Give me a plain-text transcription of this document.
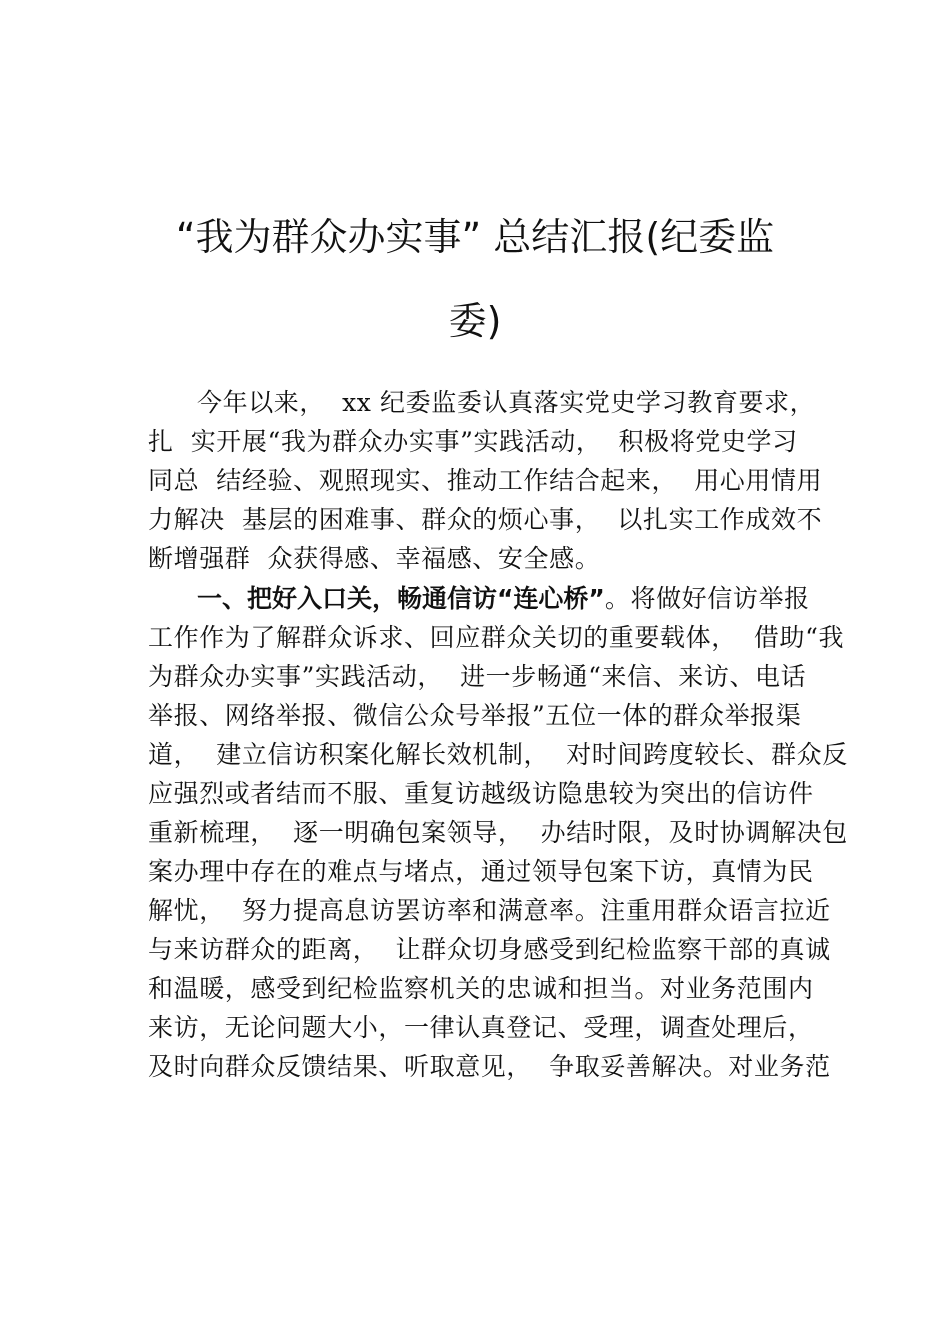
“我为群众办实事” 总结汇报(纪委监
委)
今年以来，  xx 纪委监委认真落实党史学习教育要求，
扎  实开展“我为群众办实事”实践活动，  积极将党史学习
同总  结经验、观照现实、推动工作结合起来，  用心用情用
力解决  基层的困难事、群众的烦心事，  以扎实工作成效不
断增强群  众获得感、幸福感、安全感。
一、把好入口关，畅通信访“连心桥”。将做好信访举报
工作作为了解群众诉求、回应群众关切的重要载体，  借助“我
为群众办实事”实践活动，  进一步畅通“来信、来访、电话
举报、网络举报、微信公众号举报”五位一体的群众举报渠
道，  建立信访积案化解长效机制，  对时间跨度较长、群众反
应强烈或者结而不服、重复访越级访隐患较为突出的信访件
重新梳理，  逐一明确包案领导，  办结时限，及时协调解决包
案办理中存在的难点与堵点，通过领导包案下访，真情为民
解忧，  努力提高息访罢访率和满意率。注重用群众语言拉近
与来访群众的距离，  让群众切身感受到纪检监察干部的真诚
和温暖，感受到纪检监察机关的忠诚和担当。对业务范围内
来访，无论问题大小，一律认真登记、受理，调查处理后，
及时向群众反馈结果、听取意见，  争取妥善解决。对业务范
